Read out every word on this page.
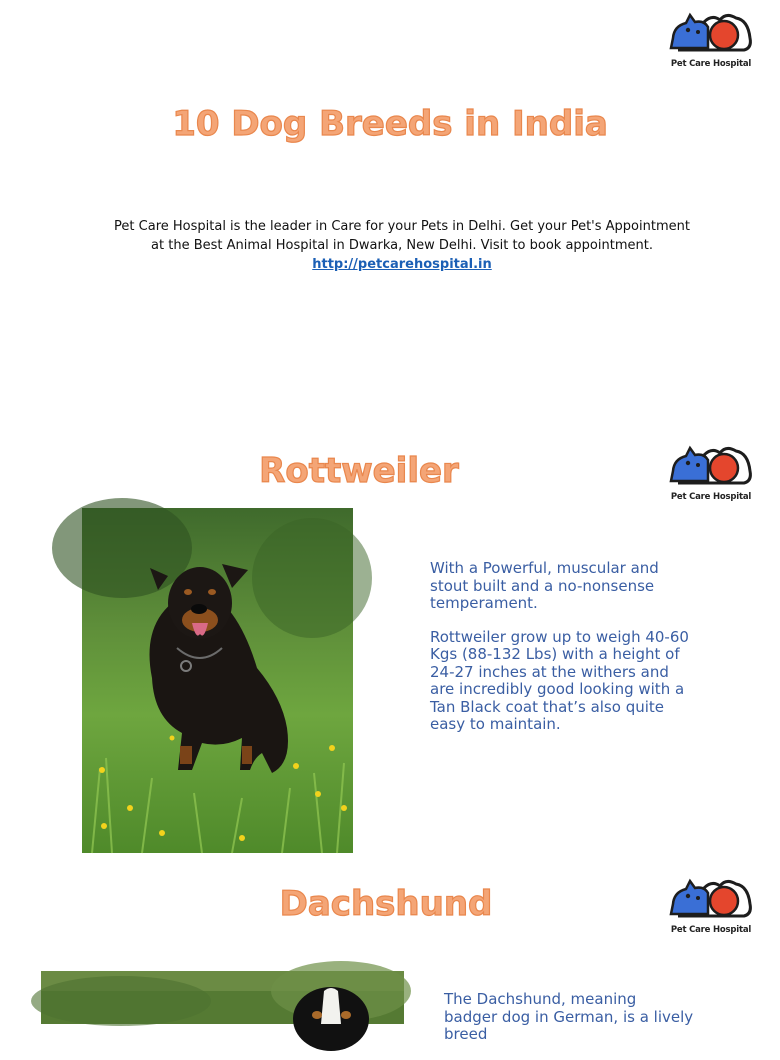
Pet Care Hospital
10 Dog Breeds in India
Pet Care Hospital is the leader in Care for your Pets in Delhi. Get your Pet's Appointment
at the Best Animal Hospital in Dwarka, New Delhi. Visit to book appointment.
http://petcarehospital.in
Pet Care Hospital
Rottweiler

With a Powerful, muscular and stout built and a no-nonsense temperament.

Rottweiler grow up to weigh 40-60 Kgs (88-132 Lbs) with a height of 24-27 inches at the withers and are incredibly good looking with a Tan Black coat that’s also quite easy to maintain.

Pet Care Hospital
Dachshund

The Dachshund, meaning badger dog in German, is a lively breed
